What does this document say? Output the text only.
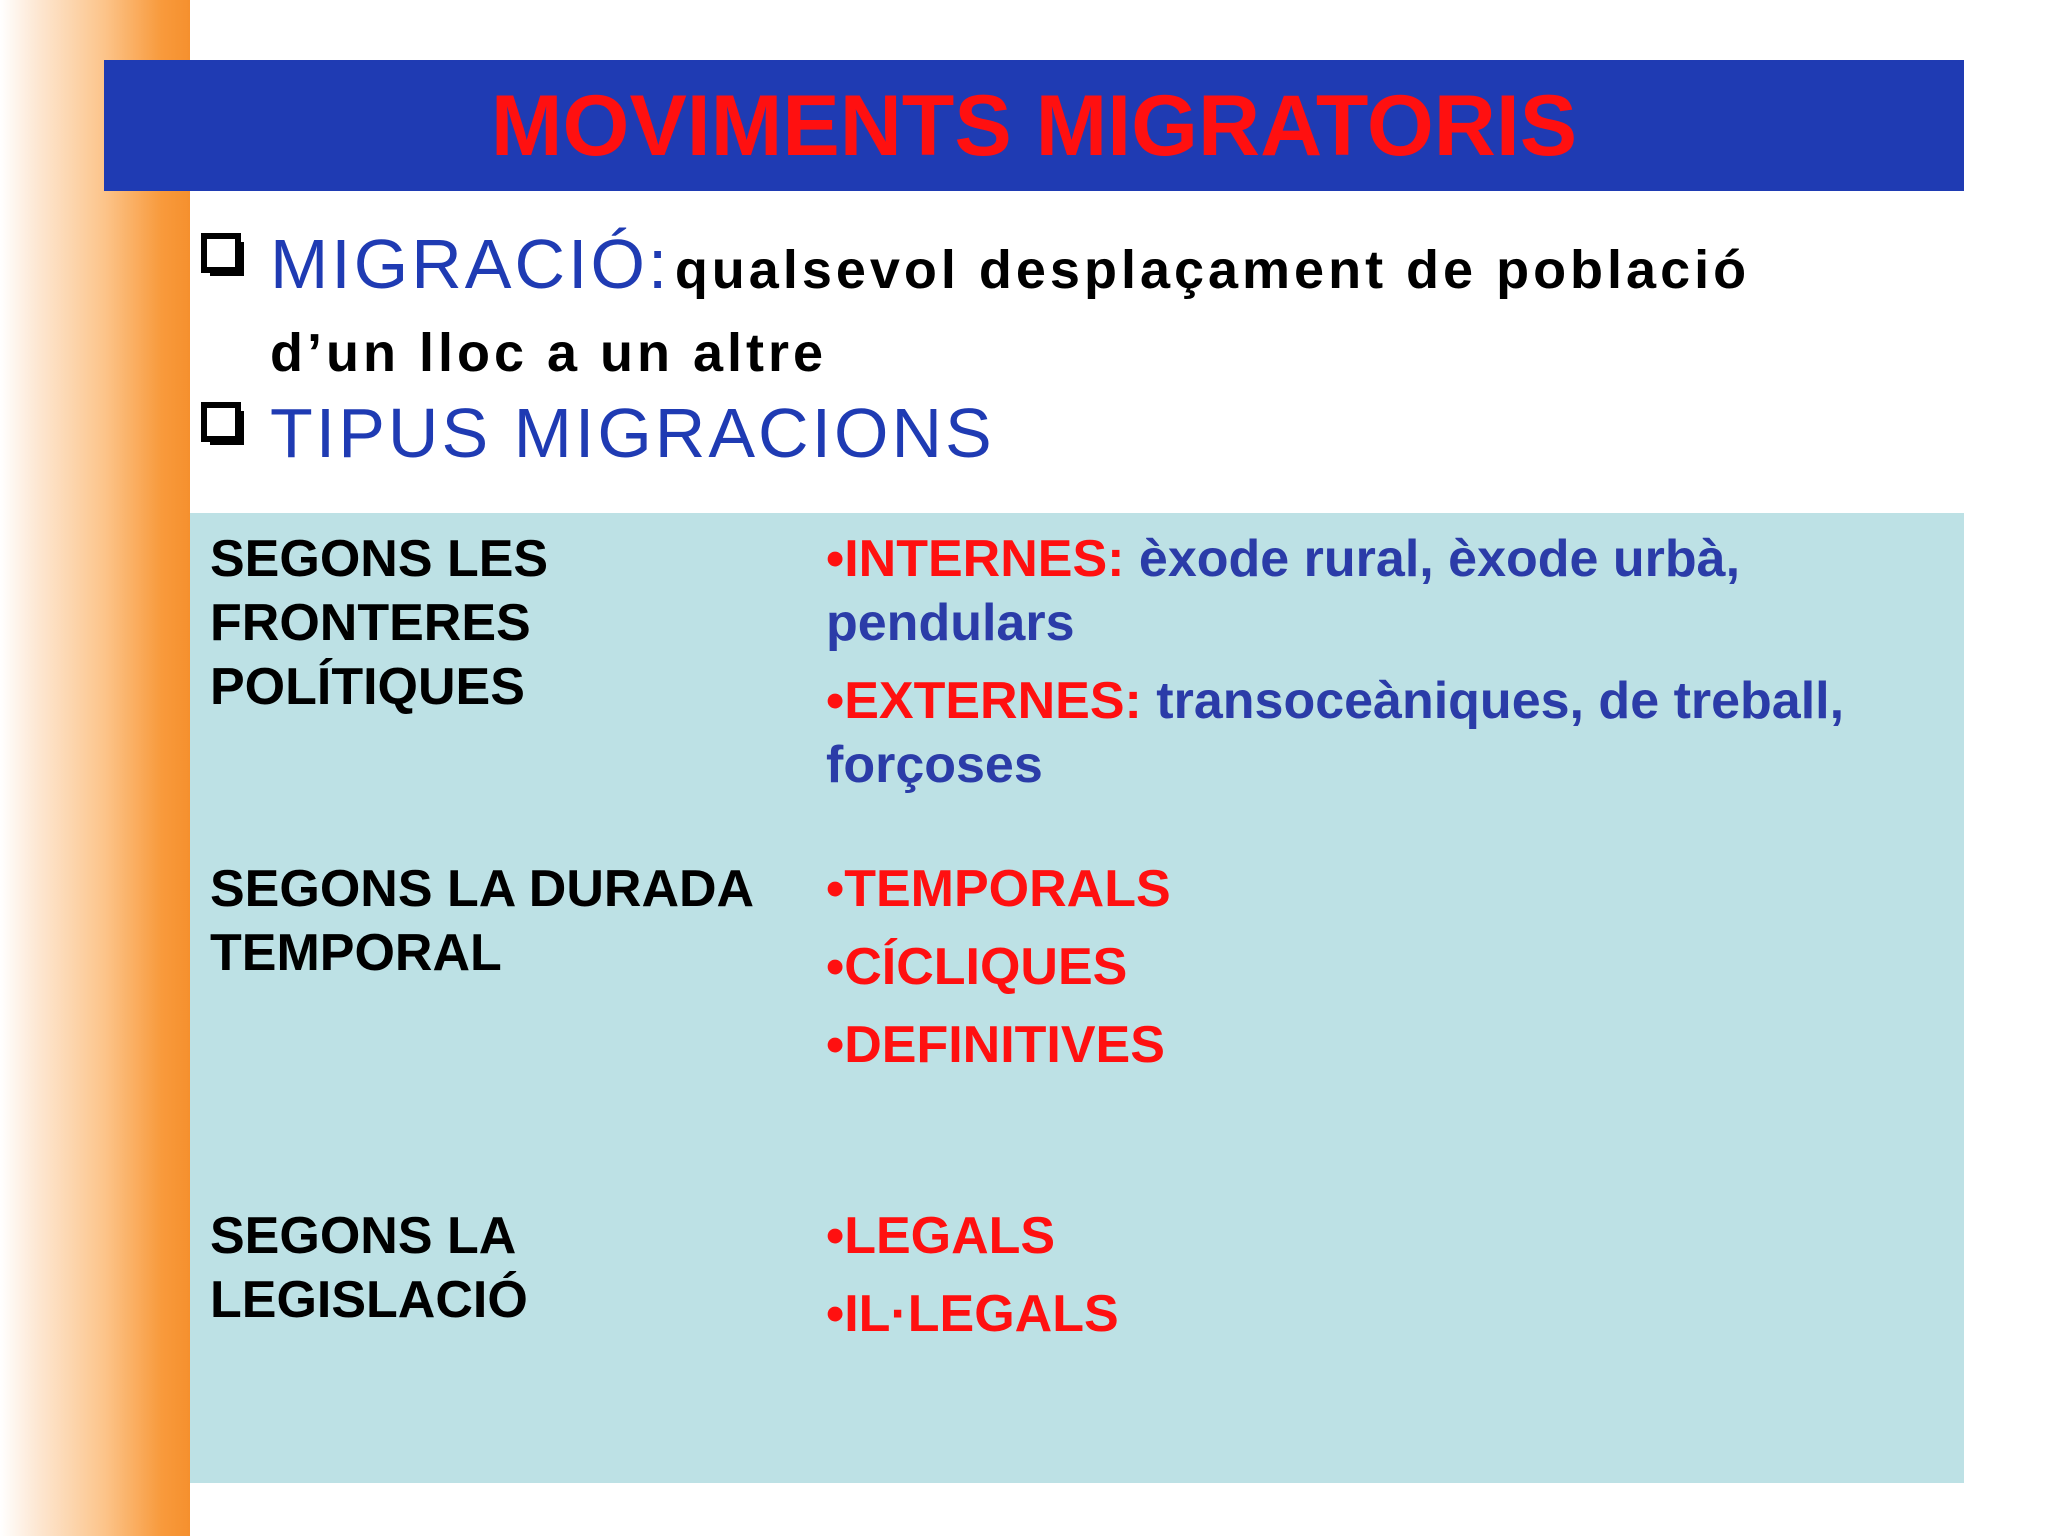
MOVIMENTS MIGRATORIS
MIGRACIÓ: qualsevol desplaçament de població
d’un lloc a un altre
TIPUS MIGRACIONS
SEGONS LES FRONTERES POLÍTIQUES
•INTERNES: èxode rural, èxode urbà, pendulars
•EXTERNES: transoceàniques, de treball, forçoses
SEGONS LA DURADA TEMPORAL
•TEMPORALS
•CÍCLIQUES
•DEFINITIVES
SEGONS LA LEGISLACIÓ
•LEGALS
•IL·LEGALS
